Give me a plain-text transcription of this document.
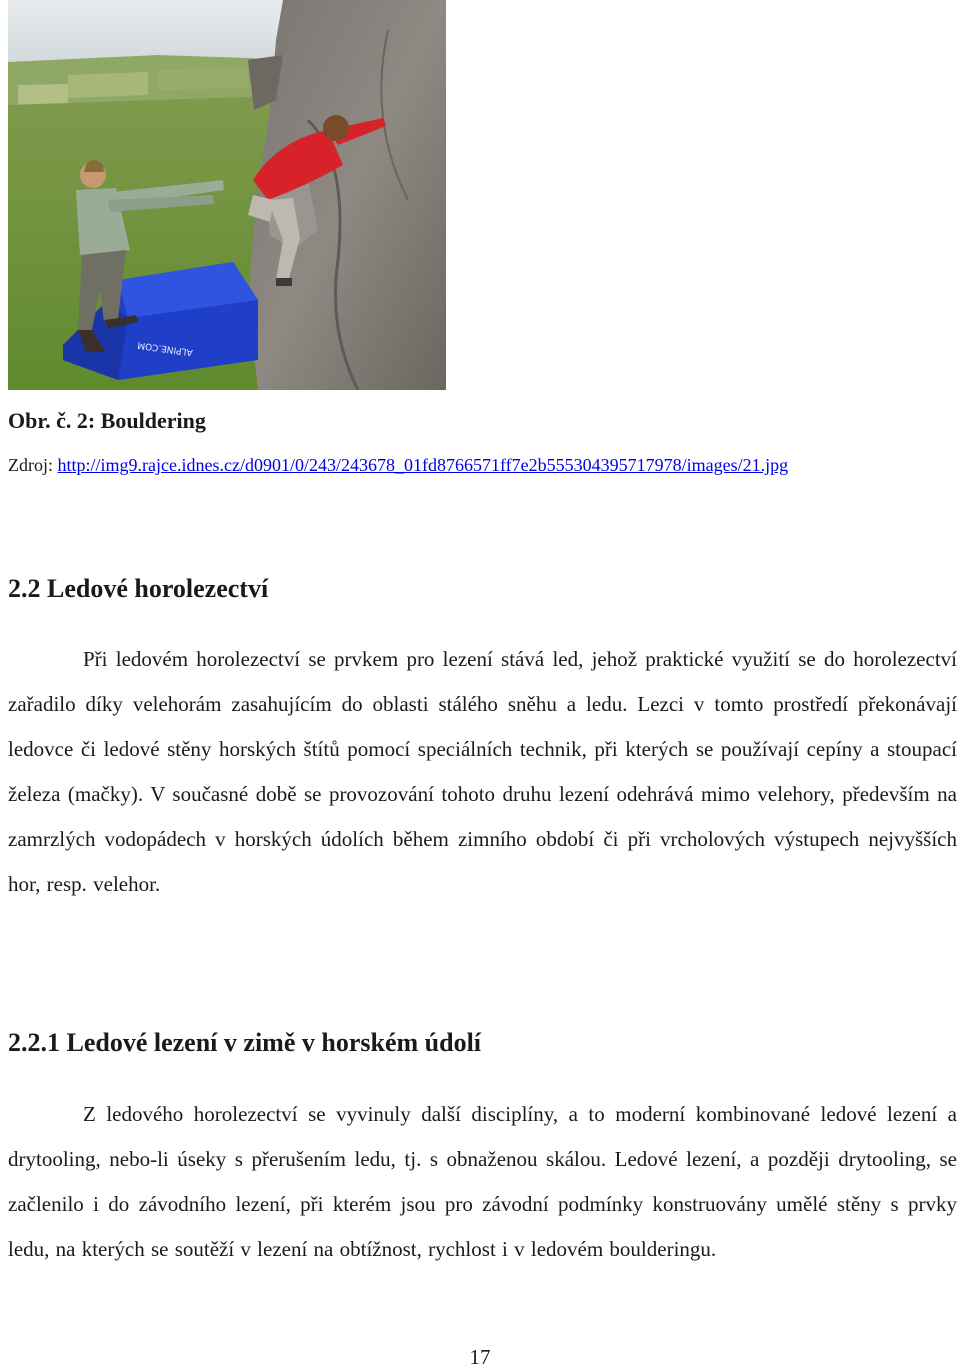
ALPINE.COM
Obr. č. 2: Bouldering
Zdroj: http://img9.rajce.idnes.cz/d0901/0/243/243678_01fd8766571ff7e2b555304395717978/images/21.jpg
2.2 Ledové horolezectví

Při ledovém horolezectví se prvkem pro lezení stává led, jehož praktické využití se do horolezectví zařadilo díky velehorám zasahujícím do oblasti stálého sněhu a ledu. Lezci v tomto prostředí překonávají ledovce či ledové stěny horských štítů pomocí speciálních technik, při kterých se používají cepíny a stoupací železa (mačky). V současné době se provozování tohoto druhu lezení odehrává mimo velehory, především na zamrzlých vodopádech v horských údolích během zimního období či při vrcholových výstupech nejvyšších hor, resp. velehor.

2.2.1 Ledové lezení v zimě v horském údolí

Z ledového horolezectví se vyvinuly další disciplíny, a to moderní kombinované ledové lezení a drytooling, nebo-li úseky s přerušením ledu, tj. s obnaženou skálou. Ledové lezení, a později drytooling, se začlenilo i do závodního lezení, při kterém jsou pro závodní podmínky konstruovány umělé stěny s prvky ledu, na kterých se soutěží v lezení na obtížnost, rychlost i v ledovém boulderingu.

17
